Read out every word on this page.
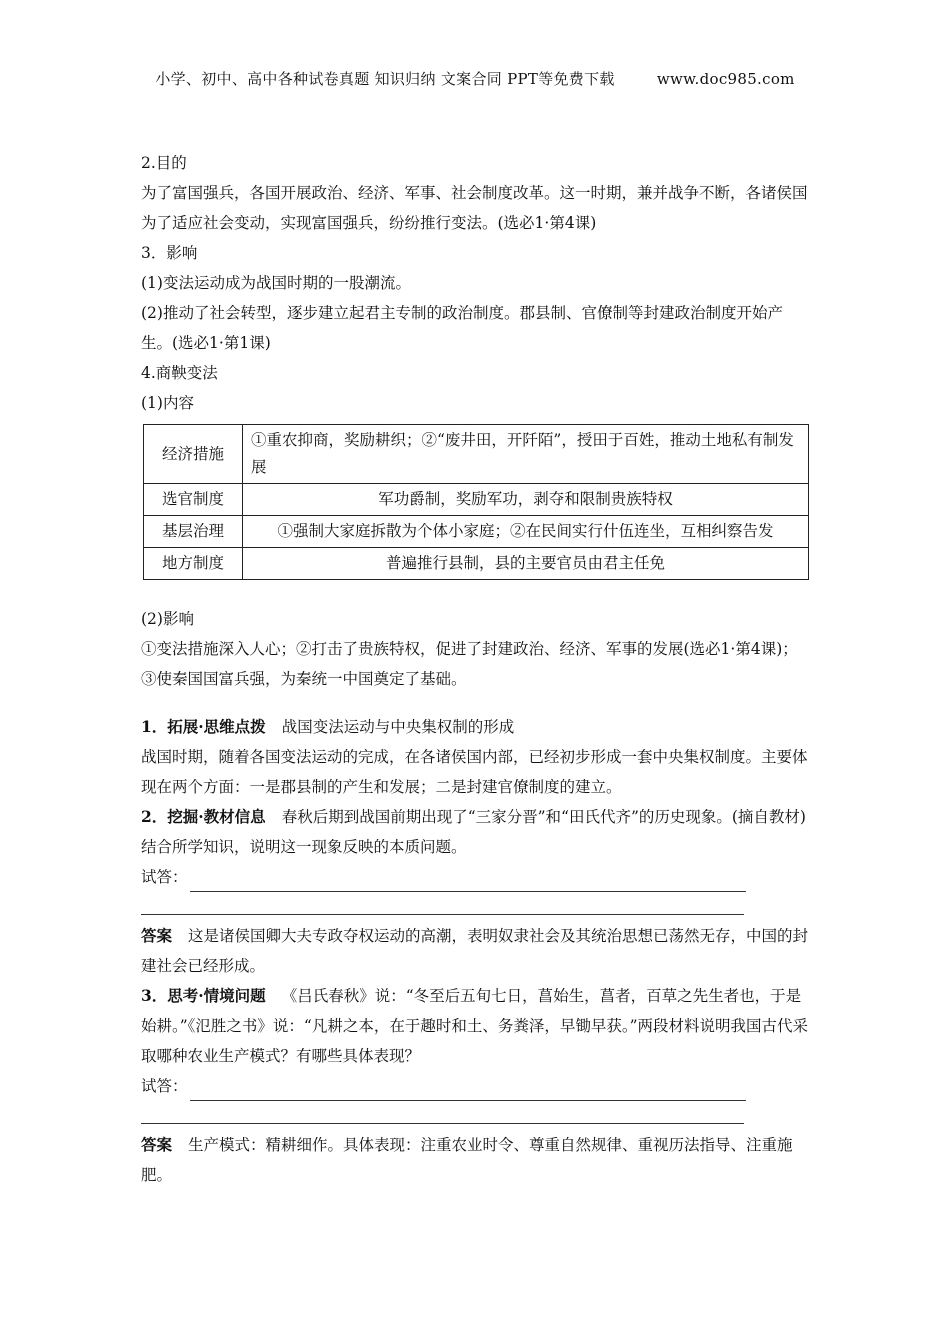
小学、初中、高中各种试卷真题 知识归纳 文案合同 PPT等免费下载	www.doc985.com

2.目的

为了富国强兵，各国开展政治、经济、军事、社会制度改革。这一时期，兼并战争不断，各诸侯国为了适应社会变动，实现富国强兵，纷纷推行变法。(选必1·第4课)

3．影响

(1)变法运动成为战国时期的一股潮流。

(2)推动了社会转型，逐步建立起君主专制的政治制度。郡县制、官僚制等封建政治制度开始产生。(选必1·第1课)

4.商鞅变法

(1)内容

经济措施	①重农抑商，奖励耕织；②“废井田，开阡陌”，授田于百姓，推动土地私有制发展
选官制度	军功爵制，奖励军功，剥夺和限制贵族特权
基层治理	①强制大家庭拆散为个体小家庭；②在民间实行什伍连坐，互相纠察告发
地方制度	普遍推行县制，县的主要官员由君主任免

(2)影响

①变法措施深入人心；②打击了贵族特权，促进了封建政治、经济、军事的发展(选必1·第4课)；③使秦国国富兵强，为秦统一中国奠定了基础。

1．拓展·思维点拨 战国变法运动与中央集权制的形成

战国时期，随着各国变法运动的完成，在各诸侯国内部，已经初步形成一套中央集权制度。主要体现在两个方面：一是郡县制的产生和发展；二是封建官僚制度的建立。

2．挖掘·教材信息 春秋后期到战国前期出现了“三家分晋”和“田氏代齐”的历史现象。(摘自教材)结合所学知识，说明这一现象反映的本质问题。

试答：

答案 这是诸侯国卿大夫专政夺权运动的高潮，表明奴隶社会及其统治思想已荡然无存，中国的封建社会已经形成。

3．思考·情境问题 《吕氏春秋》说：“冬至后五旬七日，菖始生，菖者，百草之先生者也，于是始耕。”《氾胜之书》说：“凡耕之本，在于趣时和土、务粪泽，早锄早获。”两段材料说明我国古代采取哪种农业生产模式？有哪些具体表现？

试答：

答案 生产模式：精耕细作。具体表现：注重农业时令、尊重自然规律、重视历法指导、注重施肥。
